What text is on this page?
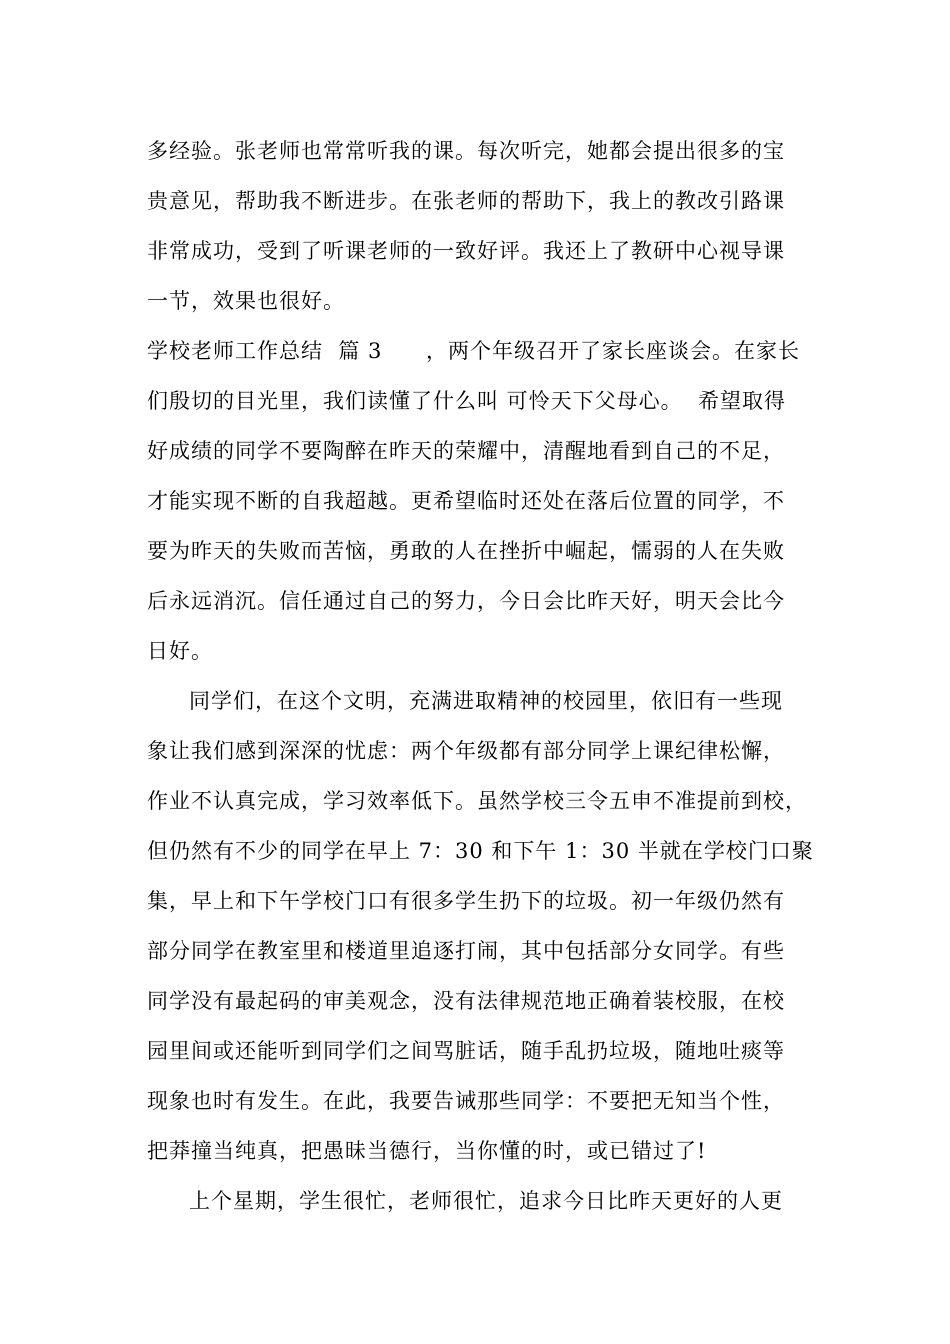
多经验。张老师也常常听我的课。每次听完，她都会提出很多的宝
贵意见，帮助我不断进步。在张老师的帮助下，我上的教改引路课
非常成功，受到了听课老师的一致好评。我还上了教研中心视导课
一节，效果也很好。

学校老师工作总结  篇 3

，两个年级召开了家长座谈会。在家长

们殷切的目光里，我们读懂了什么叫 可怜天下父母心。  希望取得
好成绩的同学不要陶醉在昨天的荣耀中，清醒地看到自己的不足，
才能实现不断的自我超越。更希望临时还处在落后位置的同学，不
要为昨天的失败而苦恼，勇敢的人在挫折中崛起，懦弱的人在失败
后永远消沉。信任通过自己的努力，今日会比昨天好，明天会比今
日好。
同学们，在这个文明，充满进取精神的校园里，依旧有一些现
象让我们感到深深的忧虑：两个年级都有部分同学上课纪律松懈，
作业不认真完成，学习效率低下。虽然学校三令五申不准提前到校，
但仍然有不少的同学在早上 7：30 和下午 1：30 半就在学校门口聚
集，早上和下午学校门口有很多学生扔下的垃圾。初一年级仍然有
部分同学在教室里和楼道里追逐打闹，其中包括部分女同学。有些
同学没有最起码的审美观念，没有法律规范地正确着装校服，在校
园里间或还能听到同学们之间骂脏话，随手乱扔垃圾，随地吐痰等
现象也时有发生。在此，我要告诫那些同学：不要把无知当个性，
把莽撞当纯真，把愚昧当德行，当你懂的时，或已错过了!
上个星期，学生很忙，老师很忙，追求今日比昨天更好的人更
